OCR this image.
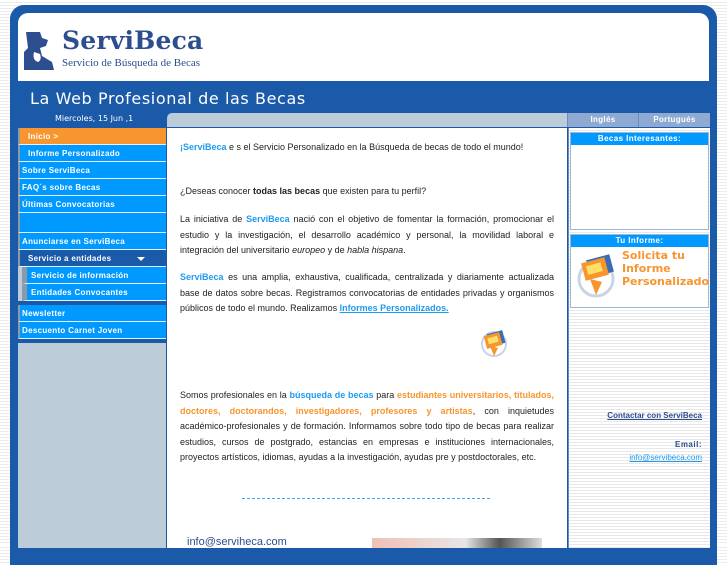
ServiBeca
Servicio de Búsqueda de Becas
La Web Profesional de las Becas
Miercoles, 15 Jun ,1	Inglés	Portugués
Inicio >
Informe Personalizado
Sobre ServiBeca
FAQ´s sobre Becas
Últimas Convocatorias
Anunciarse en ServiBeca
Servicio a entidades
Servicio de información
Entidades Convocantes
Newsletter
Descuento Carnet Joven
¡ServiBeca e s el Servicio Personalizado en la Búsqueda de becas de todo el mundo!
¿Deseas conocer todas las becas que existen para tu perfil?
La iniciativa de ServiBeca nació con el objetivo de fomentar la formación, promocionar el estudio y la investigación, el desarrollo académico y personal, la movilidad laboral e integración del universitario europeo y de habla hispana.
ServiBeca es una amplia, exhaustiva, cualificada, centralizada y diariamente actualizada base de datos sobre becas. Registramos convocatorias de entidades privadas y organismos públicos de todo el mundo. Realizamos Informes Personalizados.
Somos profesionales en la búsqueda de becas para estudiantes universitarios, titulados, doctores, doctorandos, investigadores, profesores y artistas, con inquietudes académico-profesionales y de formación. Informamos sobre todo tipo de becas para realizar estudios, cursos de postgrado, estancias en empresas e instituciones internacionales, proyectos artísticos, idiomas, ayudas a la investigación, ayudas pre y postdoctorales, etc.
info@serviheca.com
Becas Interesantes:
Tu Informe:
Solicita tu
Informe
Personalizado
Contactar con ServiBeca
Email:
info@servibeca.com
